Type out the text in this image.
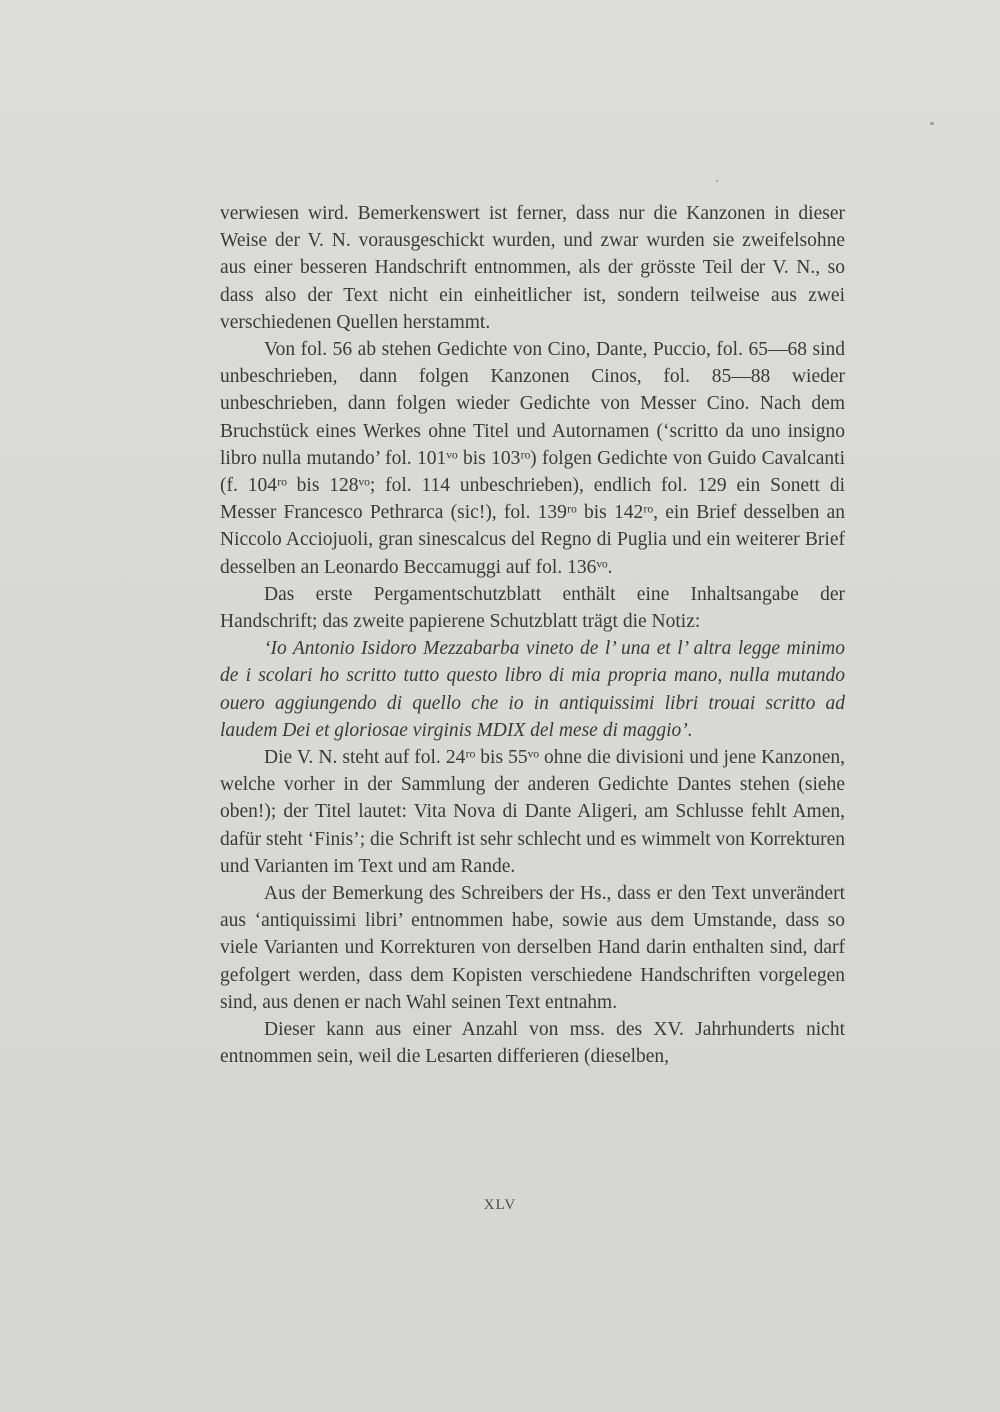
verwiesen wird. Bemerkenswert ist ferner, dass nur die Kanzonen in dieser Weise der V. N. vorausgeschickt wurden, und zwar wurden sie zweifelsohne aus einer besseren Handschrift entnommen, als der grösste Teil der V. N., so dass also der Text nicht ein einheitlicher ist, sondern teilweise aus zwei verschiedenen Quellen herstammt.

Von fol. 56 ab stehen Gedichte von Cino, Dante, Puccio, fol. 65—68 sind unbeschrieben, dann folgen Kanzonen Cinos, fol. 85—88 wieder unbeschrieben, dann folgen wieder Gedichte von Messer Cino. Nach dem Bruchstück eines Werkes ohne Titel und Autornamen (‘scritto da uno insigno libro nulla mutando’ fol. 101ᵛᵒ bis 103ʳᵒ) folgen Gedichte von Guido Cavalcanti (f. 104ʳᵒ bis 128ᵛᵒ; fol. 114 unbeschrieben), endlich fol. 129 ein Sonett di Messer Francesco Pethrarca (sic!), fol. 139ʳᵒ bis 142ʳᵒ, ein Brief desselben an Niccolo Acciojuoli, gran sinescalcus del Regno di Puglia und ein weiterer Brief desselben an Leonardo Beccamuggi auf fol. 136ᵛᵒ.

Das erste Pergamentschutzblatt enthält eine Inhaltsangabe der Handschrift; das zweite papierene Schutzblatt trägt die Notiz:

‘Io Antonio Isidoro Mezzabarba vineto de l’ una et l’ altra legge minimo de i scolari ho scritto tutto questo libro di mia propria mano, nulla mutando ouero aggiungendo di quello che io in antiquissimi libri trouai scritto ad laudem Dei et gloriosae virginis MDIX del mese di maggio’.

Die V. N. steht auf fol. 24ʳᵒ bis 55ᵛᵒ ohne die divisioni und jene Kanzonen, welche vorher in der Sammlung der anderen Gedichte Dantes stehen (siehe oben!); der Titel lautet: Vita Nova di Dante Aligeri, am Schlusse fehlt Amen, dafür steht ‘Finis’; die Schrift ist sehr schlecht und es wimmelt von Korrekturen und Varianten im Text und am Rande.

Aus der Bemerkung des Schreibers der Hs., dass er den Text unverändert aus ‘antiquissimi libri’ entnommen habe, sowie aus dem Umstande, dass so viele Varianten und Korrekturen von derselben Hand darin enthalten sind, darf gefolgert werden, dass dem Kopisten verschiedene Handschriften vorgelegen sind, aus denen er nach Wahl seinen Text entnahm.

Dieser kann aus einer Anzahl von mss. des XV. Jahrhunderts nicht entnommen sein, weil die Lesarten differieren (dieselben,

XLV
